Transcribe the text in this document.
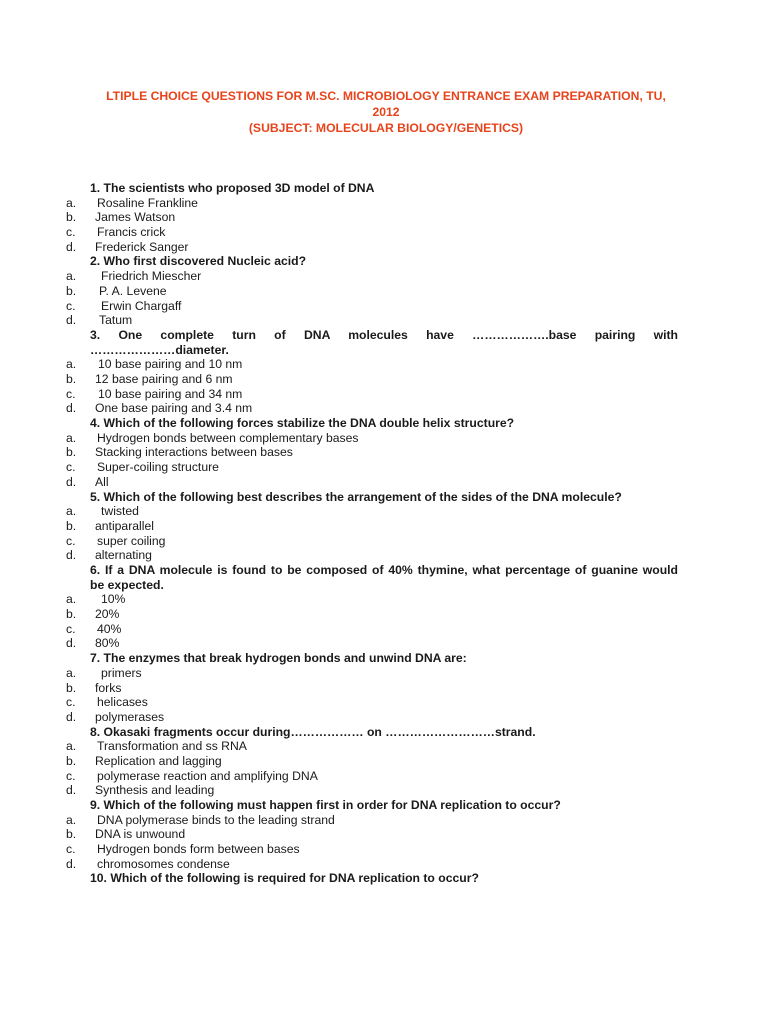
LTIPLE CHOICE QUESTIONS FOR M.SC. MICROBIOLOGY ENTRANCE EXAM PREPARATION, TU,
2012
(SUBJECT: MOLECULAR BIOLOGY/GENETICS)
1. The scientists who proposed 3D model of DNA
a. Rosaline Frankline
b. James Watson
c. Francis crick
d. Frederick Sanger
2. Who first discovered Nucleic acid?
a. Friedrich Miescher
b. P. A. Levene
c. Erwin Chargaff
d. Tatum
3. One complete turn of DNA molecules have ……………….base pairing with
…………………diameter.
a. 10 base pairing and 10 nm
b. 12 base pairing and 6 nm
c. 10 base pairing and 34 nm
d. One base pairing and 3.4 nm
4. Which of the following forces stabilize the DNA double helix structure?
a. Hydrogen bonds between complementary bases
b. Stacking interactions between bases
c. Super-coiling structure
d. All
5. Which of the following best describes the arrangement of the sides of the DNA molecule?
a. twisted
b. antiparallel
c. super coiling
d. alternating
6. If a DNA molecule is found to be composed of 40% thymine, what percentage of guanine would
be expected.
a. 10%
b. 20%
c. 40%
d. 80%
7. The enzymes that break hydrogen bonds and unwind DNA are:
a. primers
b. forks
c. helicases
d. polymerases
8. Okasaki fragments occur during……………… on ………………………strand.
a. Transformation and ss RNA
b. Replication and lagging
c. polymerase reaction and amplifying DNA
d. Synthesis and leading
9. Which of the following must happen first in order for DNA replication to occur?
a. DNA polymerase binds to the leading strand
b. DNA is unwound
c. Hydrogen bonds form between bases
d. chromosomes condense
10. Which of the following is required for DNA replication to occur?
